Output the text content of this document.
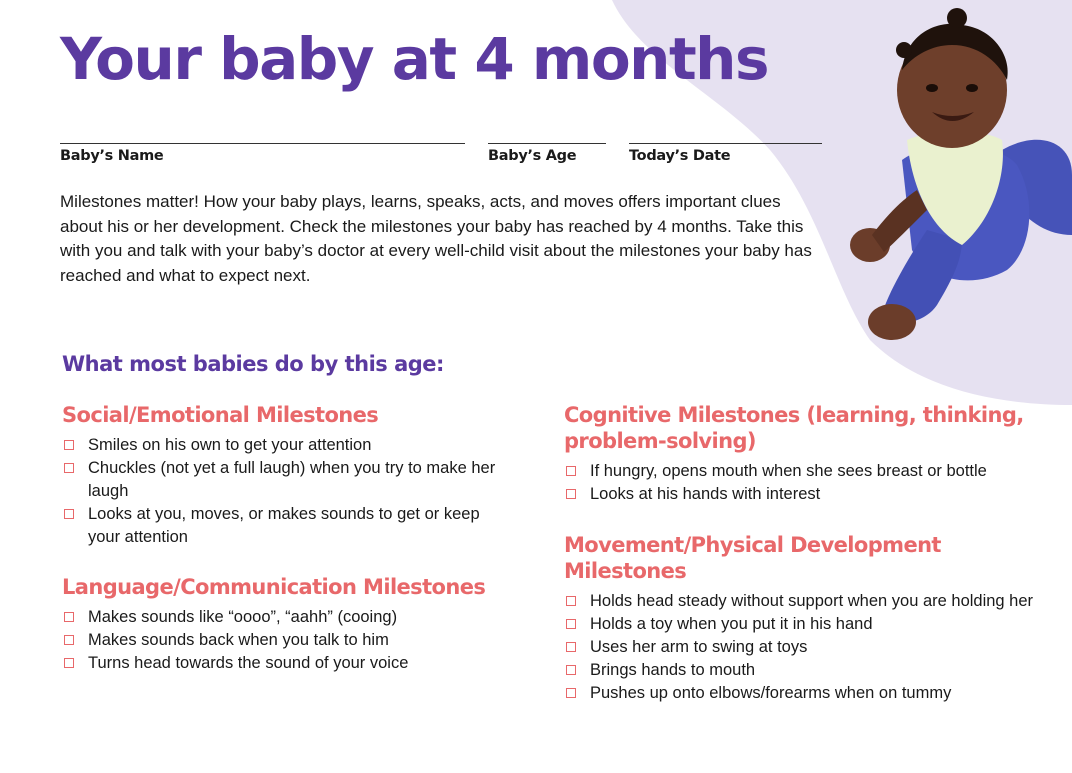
Your baby at 4 months
Baby’s Name	Baby’s Age	Today’s Date

Milestones matter! How your baby plays, learns, speaks, acts, and moves offers important clues about his or her development. Check the milestones your baby has reached by 4 months. Take this with you and talk with your baby’s doctor at every well-child visit about the milestones your baby has reached and what to expect next.

What most babies do by this age:
Social/Emotional Milestones
Smiles on his own to get your attention
Chuckles (not yet a full laugh) when you try to make her laugh
Looks at you, moves, or makes sounds to get or keep your attention
Language/Communication Milestones
Makes sounds like “oooo”, “aahh” (cooing)
Makes sounds back when you talk to him
Turns head towards the sound of your voice
Cognitive Milestones (learning, thinking, problem-solving)
If hungry, opens mouth when she sees breast or bottle
Looks at his hands with interest
Movement/Physical Development Milestones
Holds head steady without support when you are holding her
Holds a toy when you put it in his hand
Uses her arm to swing at toys
Brings hands to mouth
Pushes up onto elbows/forearms when on tummy
